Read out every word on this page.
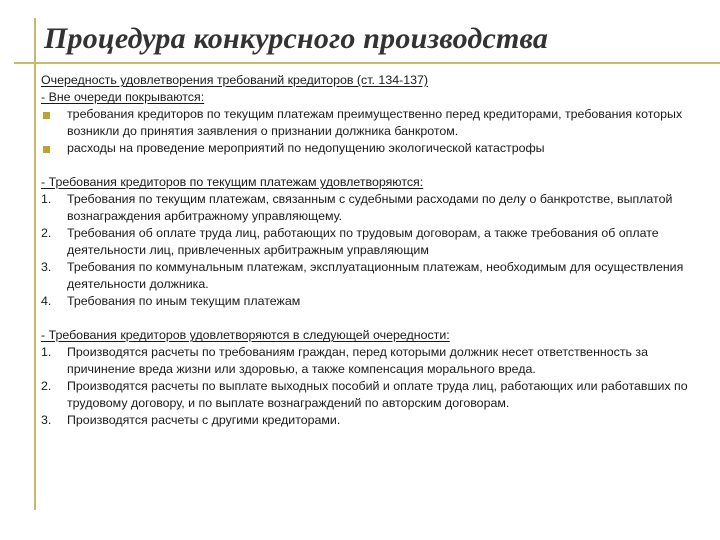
Процедура конкурсного производства

Очередность удовлетворения требований кредиторов (ст. 134-137)

- Вне очереди покрываются:

требования кредиторов по текущим платежам преимущественно перед кредиторами, требования которых возникли до принятия заявления о признании должника банкротом.
расходы на проведение мероприятий по недопущению экологической катастрофы

- Требования кредиторов по текущим платежам удовлетворяются:

1.	Требования по текущим платежам, связанным с судебными расходами по делу о банкротстве, выплатой вознаграждения арбитражному управляющему.
2.	Требования об оплате труда лиц, работающих по трудовым договорам, а также требования об оплате деятельности лиц, привлеченных арбитражным управляющим
3.	Требования по коммунальным платежам, эксплуатационным платежам, необходимым для осуществления деятельности должника.
4.	Требования по иным текущим платежам

- Требования кредиторов удовлетворяются в следующей очередности:

1.	Производятся расчеты по требованиям граждан, перед которыми должник несет ответственность за причинение вреда жизни или здоровью, а также компенсация морального вреда.
2.	Производятся расчеты по выплате выходных пособий и оплате труда лиц, работающих или работавших по трудовому договору, и по выплате вознаграждений по авторским договорам.
3.	Производятся расчеты с другими кредиторами.
